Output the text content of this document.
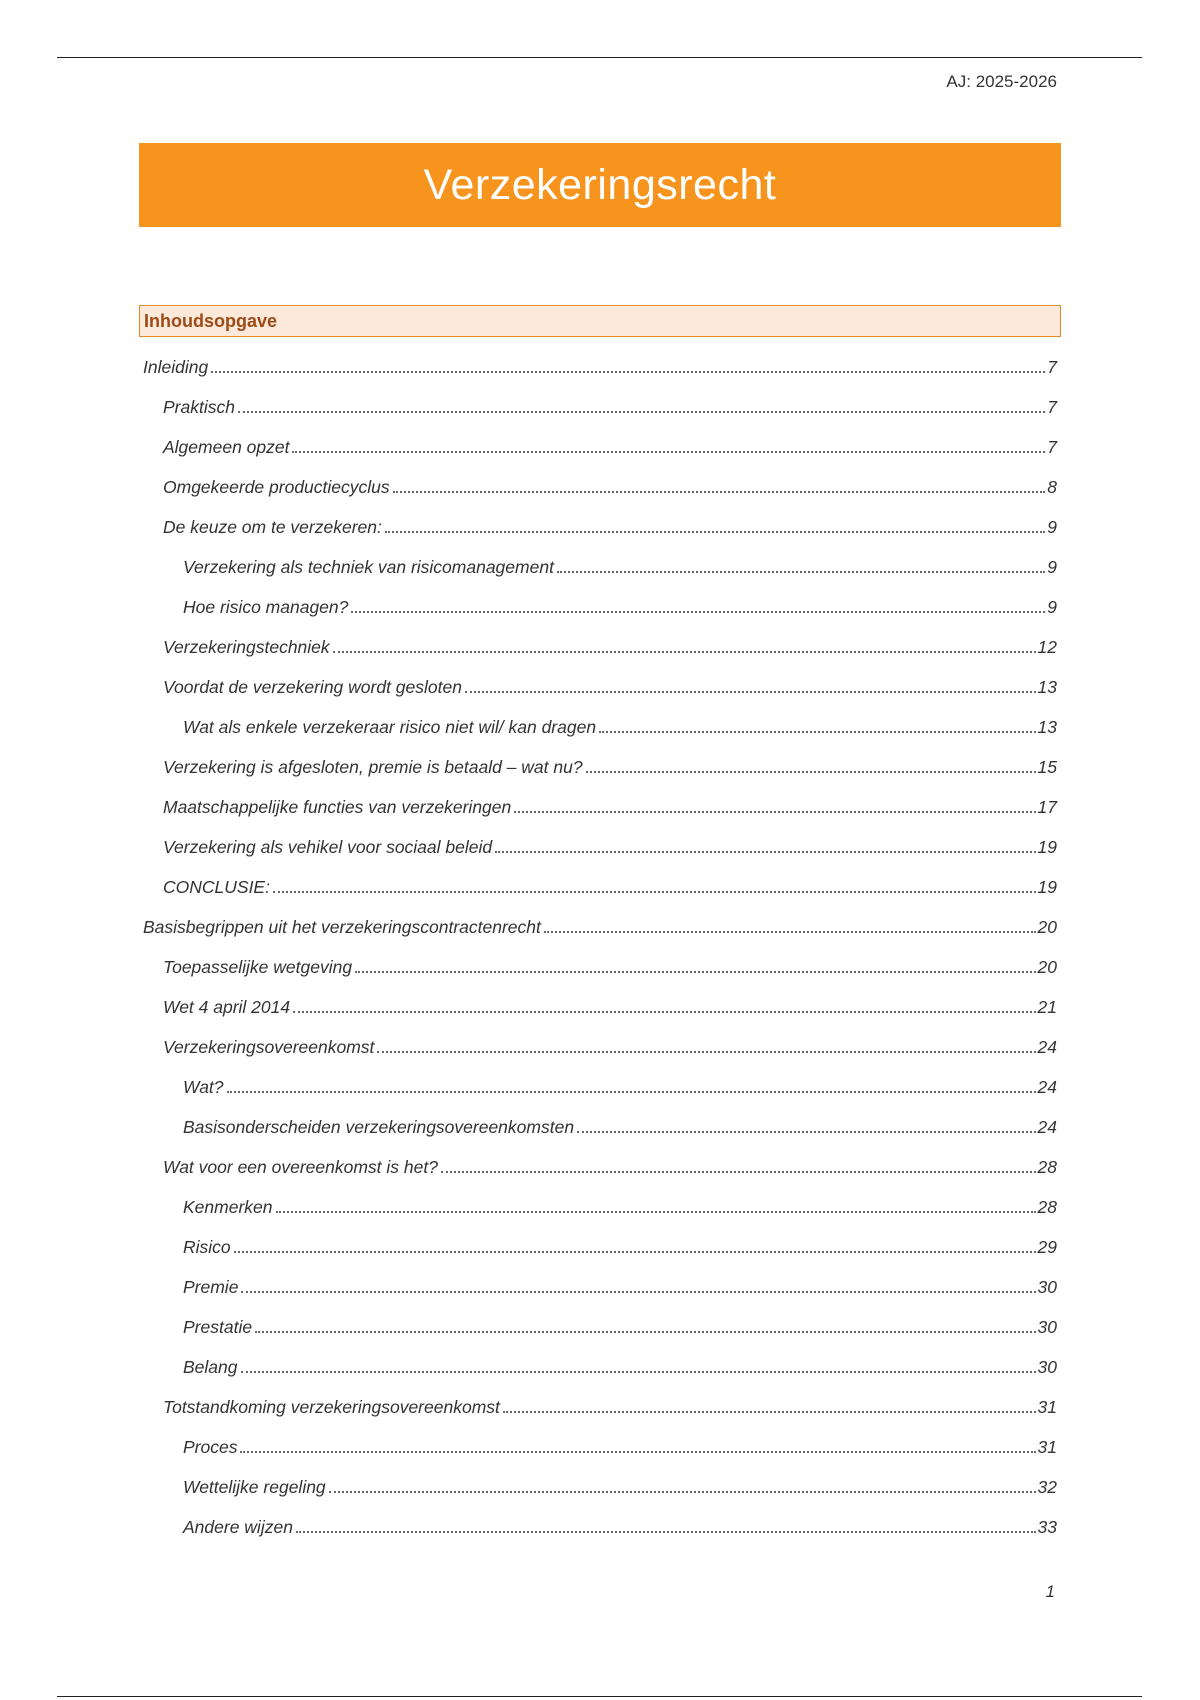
AJ: 2025-2026
Verzekeringsrecht
Inhoudsopgave
Inleiding	7
Praktisch	7
Algemeen opzet	7
Omgekeerde productiecyclus	8
De keuze om te verzekeren:	9
Verzekering als techniek van risicomanagement	9
Hoe risico managen?	9
Verzekeringstechniek	12
Voordat de verzekering wordt gesloten	13
Wat als enkele verzekeraar risico niet wil/ kan dragen	13
Verzekering is afgesloten, premie is betaald – wat nu?	15
Maatschappelijke functies van verzekeringen	17
Verzekering als vehikel voor sociaal beleid	19
CONCLUSIE:	19
Basisbegrippen uit het verzekeringscontractenrecht	20
Toepasselijke wetgeving	20
Wet 4 april 2014	21
Verzekeringsovereenkomst	24
Wat?	24
Basisonderscheiden verzekeringsovereenkomsten	24
Wat voor een overeenkomst is het?	28
Kenmerken	28
Risico	29
Premie	30
Prestatie	30
Belang	30
Totstandkoming verzekeringsovereenkomst	31
Proces	31
Wettelijke regeling	32
Andere wijzen	33
1
